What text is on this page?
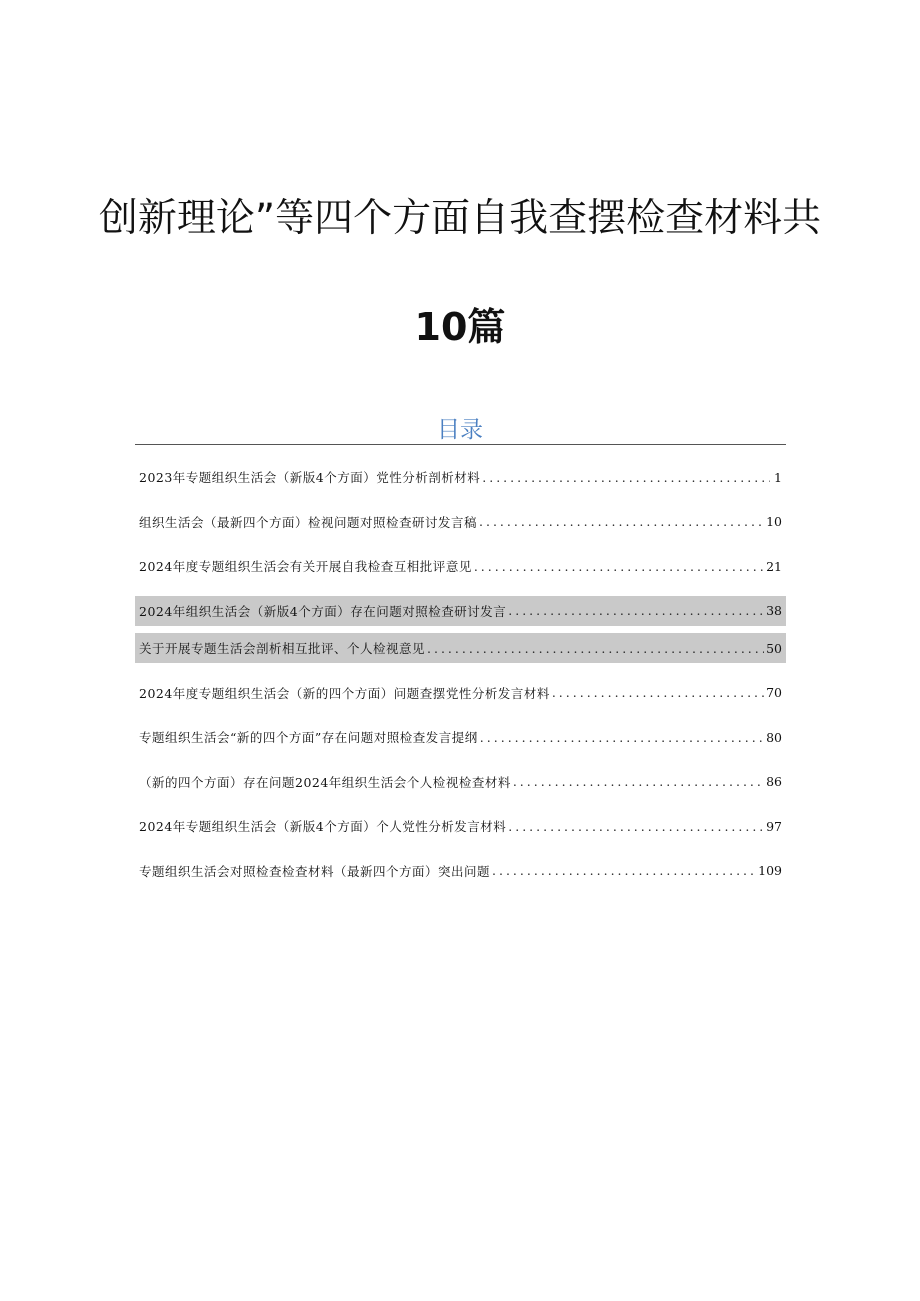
创新理论”等四个方面自我查摆检查材料共
10篇
目录
2023年专题组织生活会（新版4个方面）党性分析剖析材料 .....	1
组织生活会（最新四个方面）检视问题对照检查研讨发言稿 .....	10
2024年度专题组织生活会有关开展自我检查互相批评意见 .....	21
2024年组织生活会（新版4个方面）存在问题对照检查研讨发言 .....	38
关于开展专题生活会剖析相互批评、个人检视意见 .....	50
2024年度专题组织生活会（新的四个方面）问题查摆党性分析发言材料 .....	70
专题组织生活会“新的四个方面”存在问题对照检查发言提纲 .....	80
（新的四个方面）存在问题2024年组织生活会个人检视检查材料 .....	86
2024年专题组织生活会（新版4个方面）个人党性分析发言材料 .....	97
专题组织生活会对照检查检查材料（最新四个方面）突出问题 .....	109
